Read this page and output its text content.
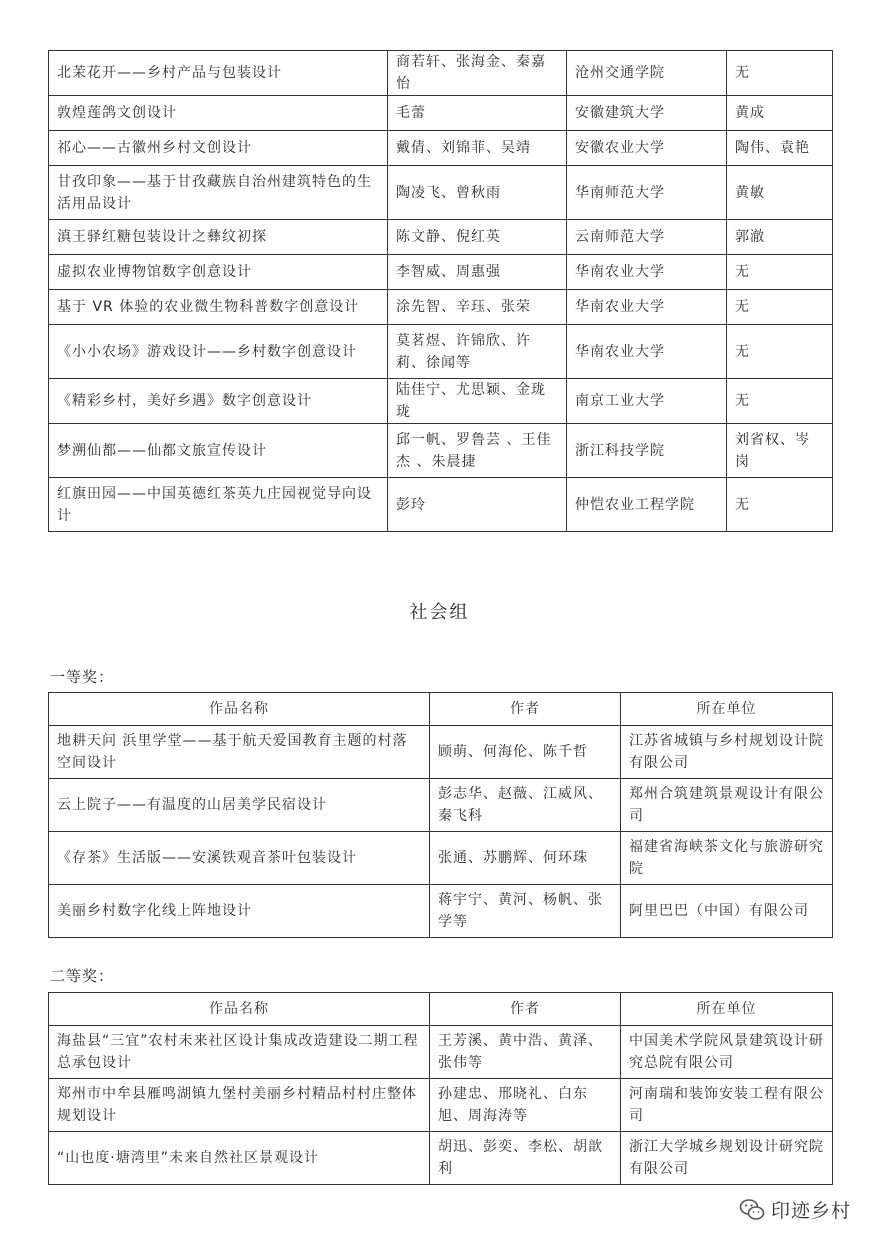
北茉花开——乡村产品与包装设计	商若轩、张海金、秦嘉怡	沧州交通学院	无
敦煌莲鸽文创设计	毛蕾	安徽建筑大学	黄成
祁心——古徽州乡村文创设计	戴倩、刘锦菲、吴靖	安徽农业大学	陶伟、袁艳
甘孜印象——基于甘孜藏族自治州建筑特色的生活用品设计	陶凌飞、曾秋雨	华南师范大学	黄敏
滇王驿红糖包装设计之彝纹初探	陈文静、倪红英	云南师范大学	郭澈
虚拟农业博物馆数字创意设计	李智威、周惠强	华南农业大学	无
基于 VR 体验的农业微生物科普数字创意设计	涂先智、辛珏、张荣	华南农业大学	无
《小小农场》游戏设计——乡村数字创意设计	莫茗煜、许锦欣、许莉、徐闻等	华南农业大学	无
《精彩乡村，美好乡遇》数字创意设计	陆佳宁、尤思颖、金珑珑	南京工业大学	无
梦溯仙都——仙都文旅宣传设计	邱一帆、罗鲁芸 、王佳杰 、朱晨捷	浙江科技学院	刘省权、岑岗
红旗田园——中国英德红茶英九庄园视觉导向设计	彭玲	仲恺农业工程学院	无
社会组
一等奖：
作品名称	作者	所在单位
地耕天问 浜里学堂——基于航天爱国教育主题的村落空间设计	顾萌、何海伦、陈千哲	江苏省城镇与乡村规划设计院有限公司
云上院子——有温度的山居美学民宿设计	彭志华、赵薇、江威风、秦飞科	郑州合筑建筑景观设计有限公司
《存茶》生活版——安溪铁观音茶叶包装设计	张通、苏鹏辉、何环珠	福建省海峡茶文化与旅游研究院
美丽乡村数字化线上阵地设计	蒋宇宁、黄河、杨帆、张学等	阿里巴巴（中国）有限公司
二等奖：
作品名称	作者	所在单位
海盐县“三宜”农村未来社区设计集成改造建设二期工程总承包设计	王芳溪、黄中浩、黄泽、张伟等	中国美术学院风景建筑设计研究总院有限公司
郑州市中牟县雁鸣湖镇九堡村美丽乡村精品村村庄整体规划设计	孙建忠、邢晓礼、白东旭、周海涛等	河南瑞和装饰安装工程有限公司
“山也度·塘湾里”未来自然社区景观设计	胡迅、彭奕、李松、胡歆利	浙江大学城乡规划设计研究院有限公司
印迹乡村
